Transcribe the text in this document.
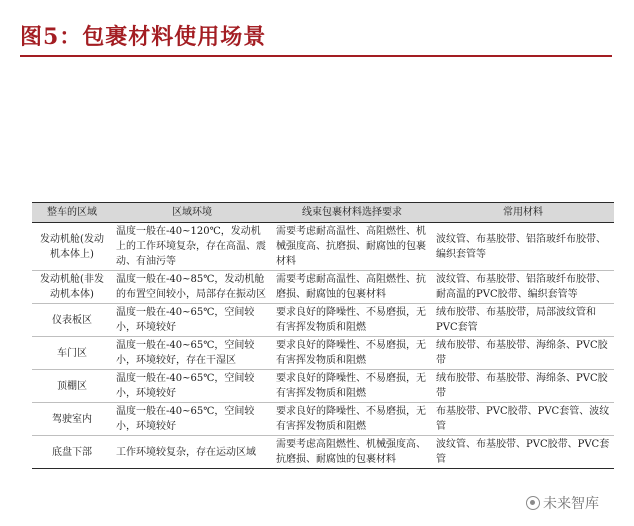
图5：包裹材料使用场景
整车的区域	区域环境	线束包裹材料选择要求	常用材料
发动机舱(发动机本体上)	温度一般在-40~120℃，发动机上的工作环境复杂，存在高温、震动、有油污等	需要考虑耐高温性、高阻燃性、机械强度高、抗磨损、耐腐蚀的包裹材料	波纹管、布基胶带、铝箔玻纤布胶带、编织套管等
发动机舱(非发动机本体)	温度一般在-40~85℃，发动机舱的布置空间较小，局部存在振动区	需要考虑耐高温性、高阻燃性、抗磨损、耐腐蚀的包裹材料	波纹管、布基胶带、铝箔玻纤布胶带、耐高温的PVC胶带、编织套管等
仪表板区	温度一般在-40~65℃，空间较小，环境较好	要求良好的降噪性、不易磨损，无有害挥发物质和阻燃	绒布胶带、布基胶带，局部波纹管和PVC套管
车门区	温度一般在-40~65℃，空间较小，环境较好，存在干湿区	要求良好的降噪性、不易磨损，无有害挥发物质和阻燃	绒布胶带、布基胶带、海绵条、PVC胶带
顶棚区	温度一般在-40~65℃，空间较小，环境较好	要求良好的降噪性、不易磨损，无有害挥发物质和阻燃	绒布胶带、布基胶带、海绵条、PVC胶带
驾驶室内	温度一般在-40~65℃，空间较小，环境较好	要求良好的降噪性、不易磨损，无有害挥发物质和阻燃	布基胶带、PVC胶带、PVC套管、波纹管
底盘下部	工作环境较复杂，存在运动区域	需要考虑高阻燃性、机械强度高、抗磨损、耐腐蚀的包裹材料	波纹管、布基胶带、PVC胶带、PVC套管
未来智库
